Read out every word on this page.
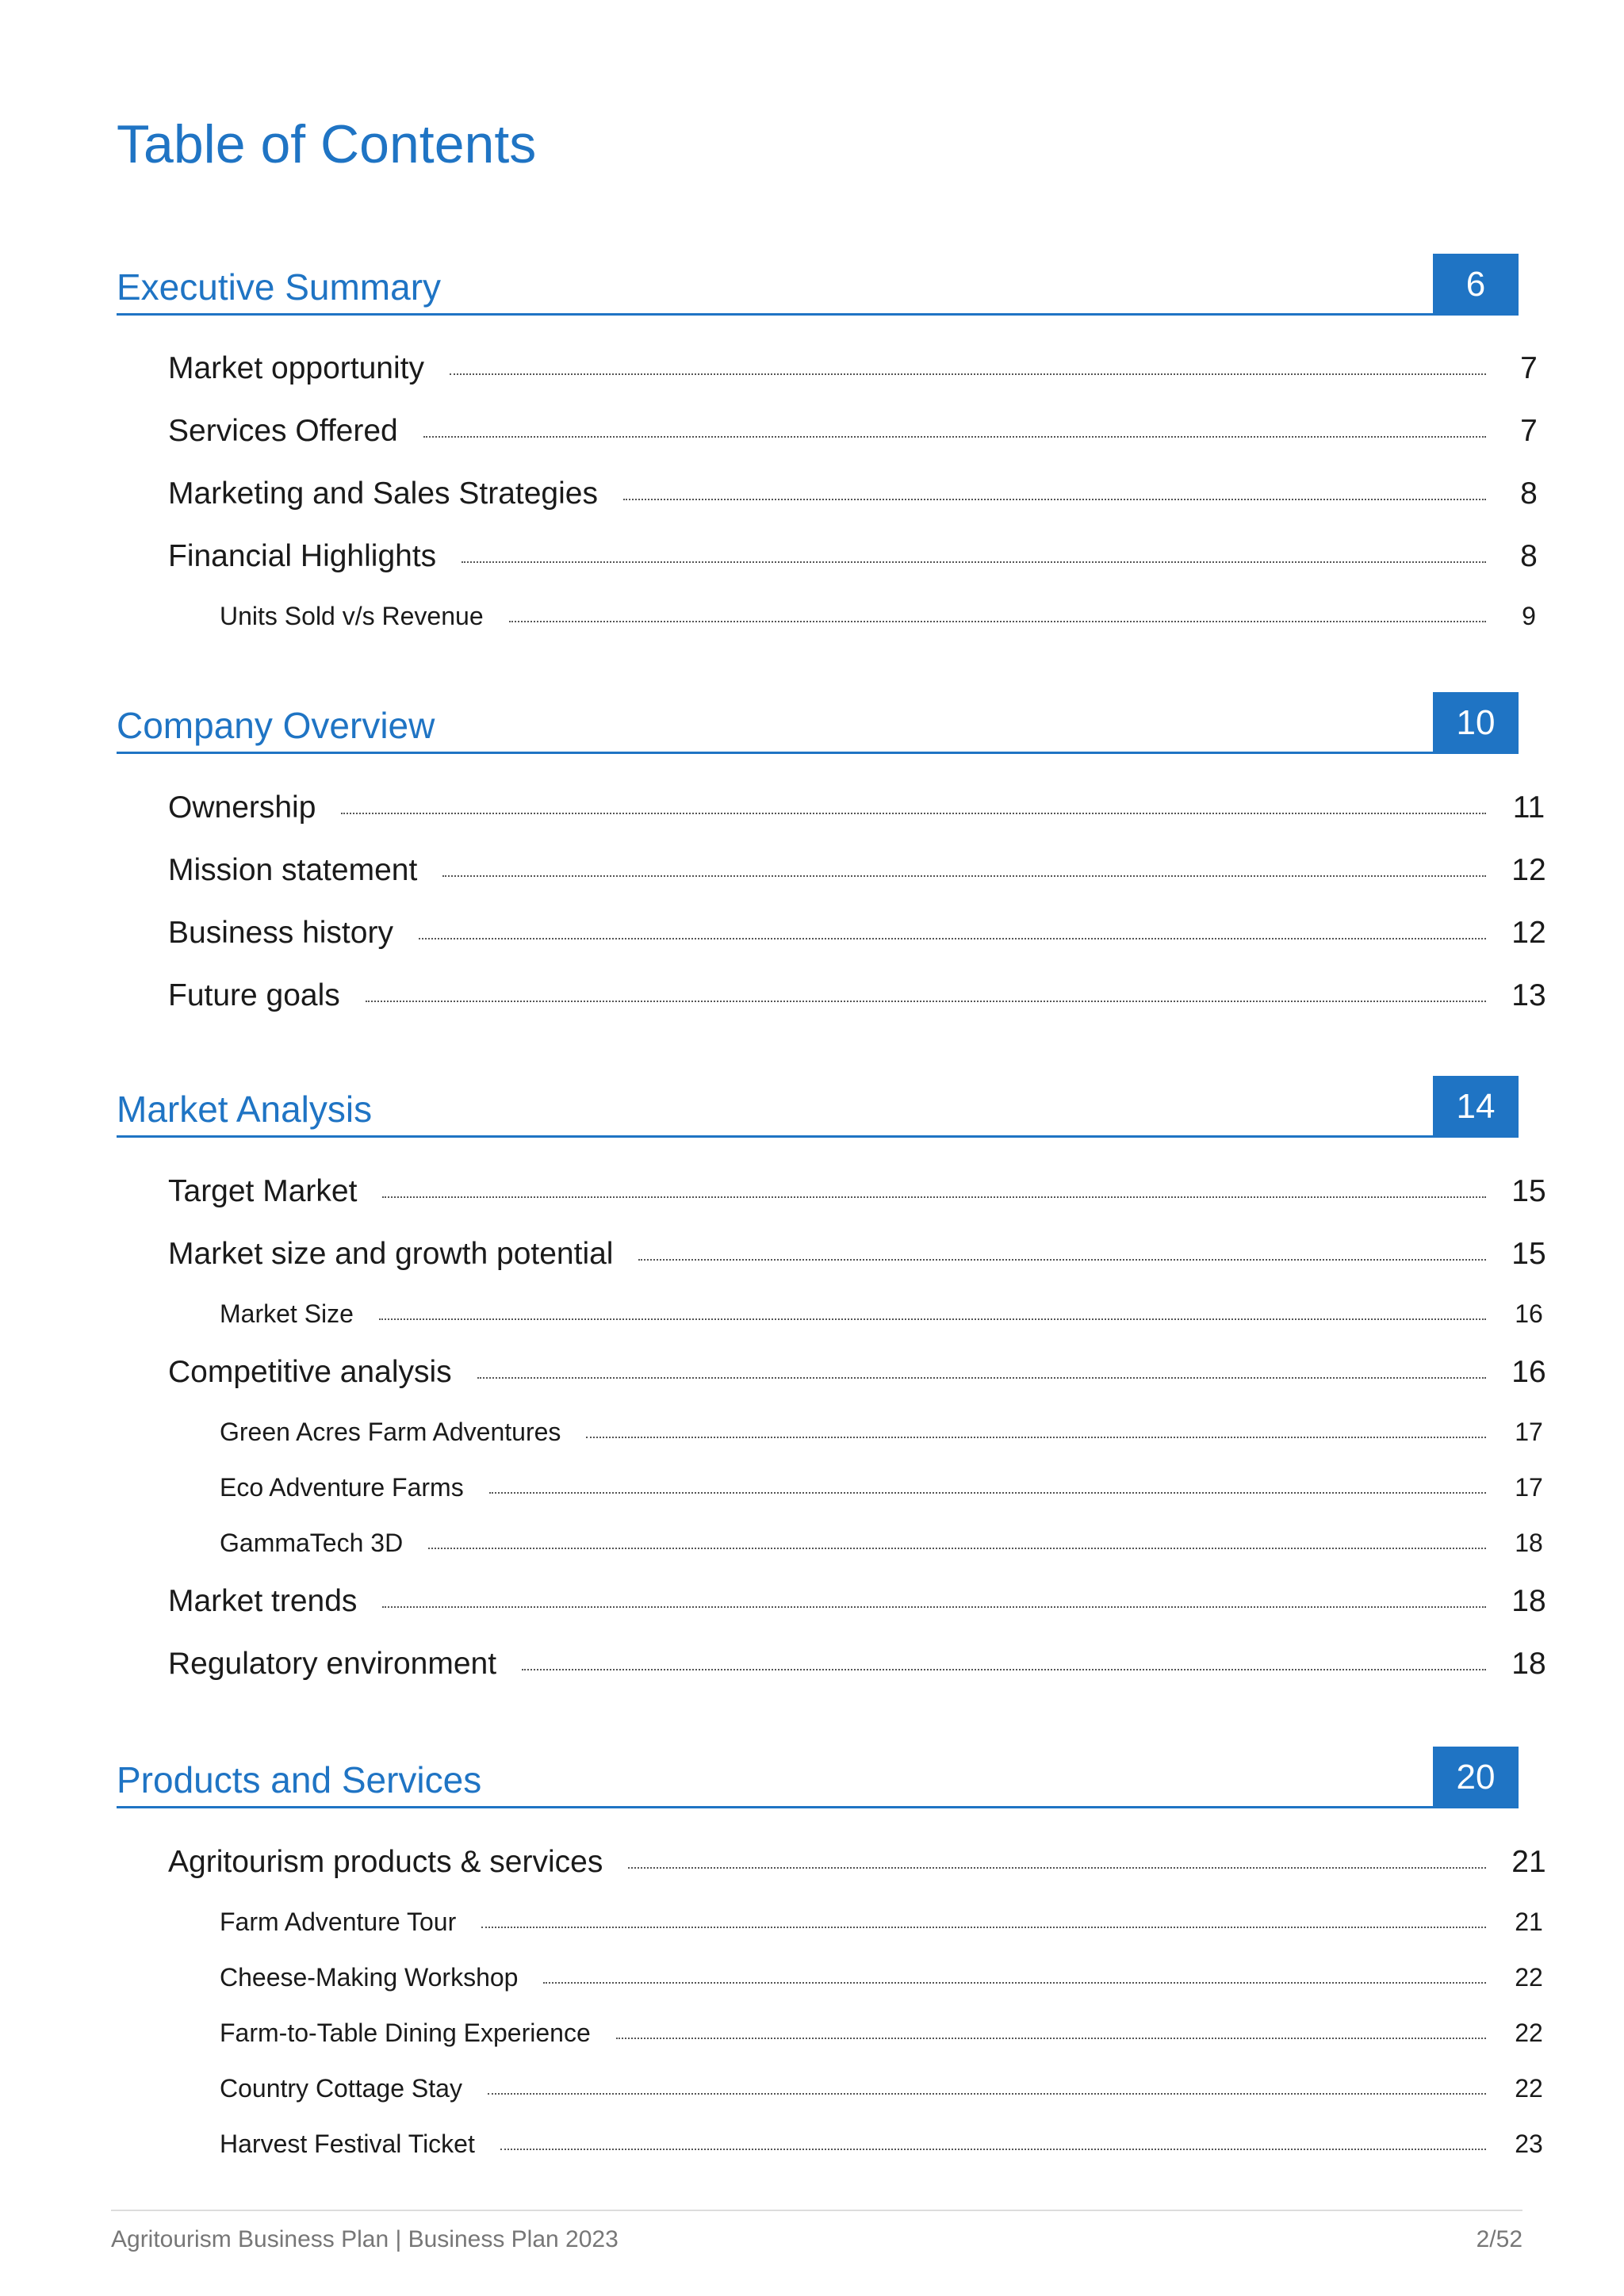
Table of Contents
Executive Summary	6
Market opportunity	7
Services Offered	7
Marketing and Sales Strategies	8
Financial Highlights	8
Units Sold v/s Revenue	9
Company Overview	10
Ownership	11
Mission statement	12
Business history	12
Future goals	13
Market Analysis	14
Target Market	15
Market size and growth potential	15
Market Size	16
Competitive analysis	16
Green Acres Farm Adventures	17
Eco Adventure Farms	17
GammaTech 3D	18
Market trends	18
Regulatory environment	18
Products and Services	20
Agritourism products & services	21
Farm Adventure Tour	21
Cheese-Making Workshop	22
Farm-to-Table Dining Experience	22
Country Cottage Stay	22
Harvest Festival Ticket	23
Agritourism Business Plan | Business Plan 2023	2/52
